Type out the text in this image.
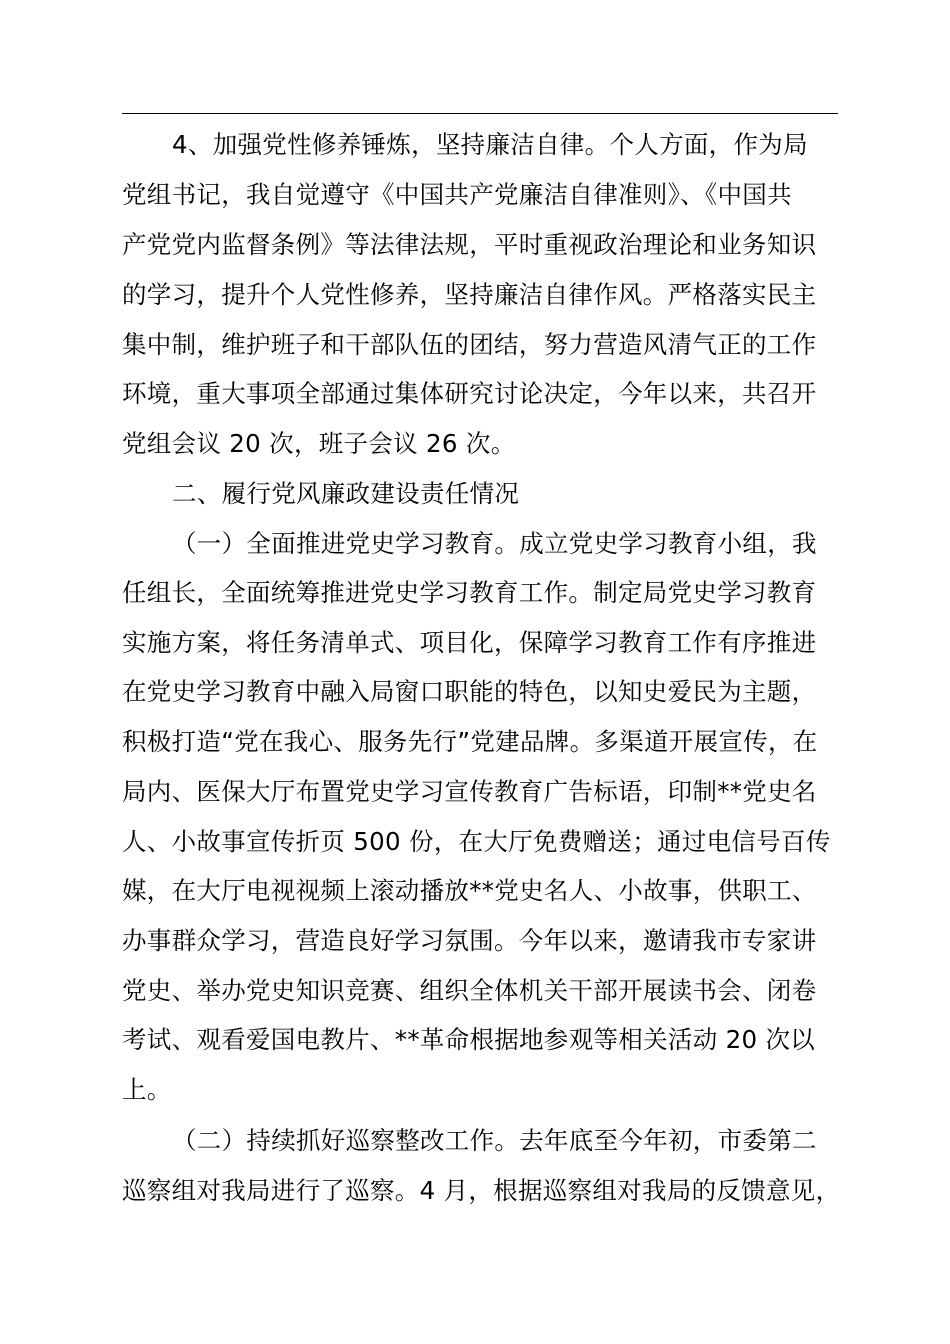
4、加强党性修养锤炼，坚持廉洁自律。个人方面，作为局
党组书记，我自觉遵守《中国共产党廉洁自律准则》、《中国共
产党党内监督条例》等法律法规，平时重视政治理论和业务知识
的学习，提升个人党性修养，坚持廉洁自律作风。严格落实民主
集中制，维护班子和干部队伍的团结，努力营造风清气正的工作
环境，重大事项全部通过集体研究讨论决定，今年以来，共召开
党组会议 20 次，班子会议 26 次。
二、履行党风廉政建设责任情况
（一）全面推进党史学习教育。成立党史学习教育小组，我
任组长，全面统筹推进党史学习教育工作。制定局党史学习教育
实施方案，将任务清单式、项目化，保障学习教育工作有序推进
在党史学习教育中融入局窗口职能的特色，以知史爱民为主题，
积极打造“党在我心、服务先行”党建品牌。多渠道开展宣传，在
局内、医保大厅布置党史学习宣传教育广告标语，印制**党史名
人、小故事宣传折页 500 份，在大厅免费赠送；通过电信号百传
媒，在大厅电视视频上滚动播放**党史名人、小故事，供职工、
办事群众学习，营造良好学习氛围。今年以来，邀请我市专家讲
党史、举办党史知识竞赛、组织全体机关干部开展读书会、闭卷
考试、观看爱国电教片、**革命根据地参观等相关活动 20 次以
上。
（二）持续抓好巡察整改工作。去年底至今年初，市委第二
巡察组对我局进行了巡察。4 月，根据巡察组对我局的反馈意见，
